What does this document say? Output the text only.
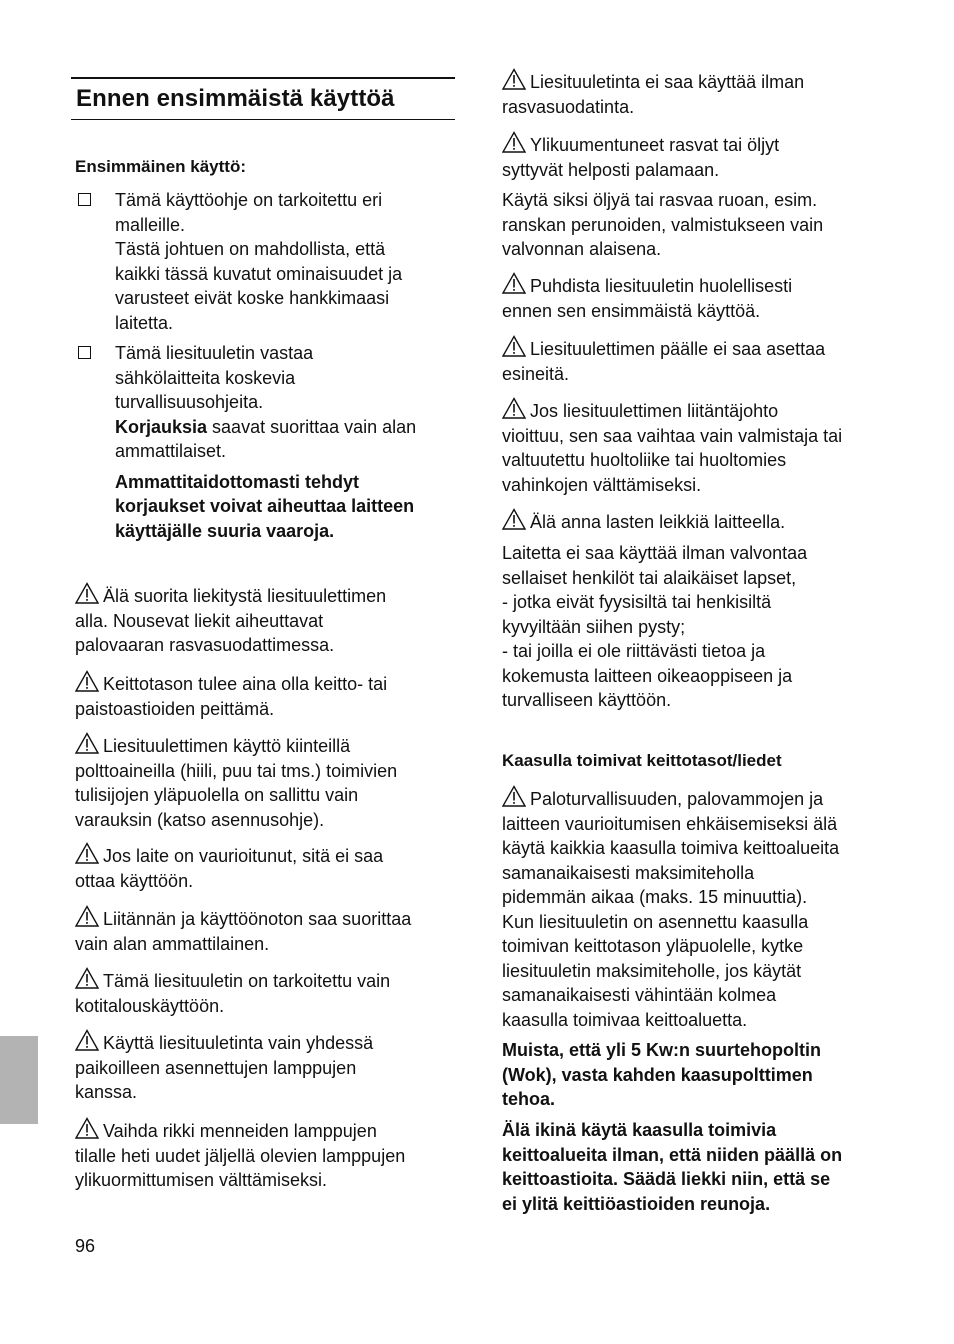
Ennen ensimmäistä käyttöä
Ensimmäinen käyttö:
Tämä käyttöohje on tarkoitettu eri
malleille.
Tästä johtuen on mahdollista, että
kaikki tässä kuvatut ominaisuudet ja
varusteet eivät koske hankkimaasi
laitetta.
Tämä liesituuletin vastaa
sähkölaitteita koskevia
turvallisuusohjeita.
Korjauksia saavat suorittaa vain alan
ammattilaiset.
Ammattitaidottomasti tehdyt
korjaukset voivat aiheuttaa laitteen
käyttäjälle suuria vaaroja.
Älä suorita liekitystä liesituulettimen
alla. Nousevat liekit aiheuttavat
palovaaran rasvasuodattimessa.
Keittotason tulee aina olla keitto- tai
paistoastioiden peittämä.
Liesituulettimen käyttö kiinteillä
polttoaineilla (hiili, puu tai tms.) toimivien
tulisijojen yläpuolella on sallittu vain
varauksin (katso asennusohje).
Jos laite on vaurioitunut, sitä ei saa
ottaa käyttöön.
Liitännän ja käyttöönoton saa suorittaa
vain alan ammattilainen.
Tämä liesituuletin on tarkoitettu vain
kotitalouskäyttöön.
Käyttä liesituuletinta vain yhdessä
paikoilleen asennettujen lamppujen
kanssa.
Vaihda rikki menneiden lamppujen
tilalle heti uudet jäljellä olevien lamppujen
ylikuormittumisen välttämiseksi.
Liesituuletinta ei saa käyttää ilman
rasvasuodatinta.
Ylikuumentuneet rasvat tai öljyt
syttyvät helposti palamaan.
Käytä siksi öljyä tai rasvaa ruoan, esim.
ranskan perunoiden, valmistukseen vain
valvonnan alaisena.
Puhdista liesituuletin huolellisesti
ennen sen ensimmäistä käyttöä.
Liesituulettimen päälle ei saa asettaa
esineitä.
Jos liesituulettimen liitäntäjohto
vioittuu, sen saa vaihtaa vain valmistaja tai
valtuutettu huoltoliike tai huoltomies
vahinkojen välttämiseksi.
Älä anna lasten leikkiä laitteella.
Laitetta ei saa käyttää ilman valvontaa
sellaiset henkilöt tai alaikäiset lapset,
- jotka eivät fyysisiltä tai henkisiltä
kyvyiltään siihen pysty;
- tai joilla ei ole riittävästi tietoa ja
kokemusta laitteen oikeaoppiseen ja
turvalliseen käyttöön.
Kaasulla toimivat keittotasot/liedet
Paloturvallisuuden, palovammojen ja
laitteen vaurioitumisen ehkäisemiseksi älä
käytä kaikkia kaasulla toimiva keittoalueita
samanaikaisesti maksimiteholla
pidemmän aikaa (maks. 15 minuuttia).
Kun liesituuletin on asennettu kaasulla
toimivan keittotason yläpuolelle, kytke
liesituuletin maksimiteholle, jos käytät
samanaikaisesti vähintään kolmea
kaasulla toimivaa keittoaluetta.
Muista, että yli 5 Kw:n suurtehopoltin
(Wok), vasta kahden kaasupolttimen
tehoa.
Älä ikinä käytä kaasulla toimivia
keittoalueita ilman, että niiden päällä on
keittoastioita. Säädä liekki niin, että se
ei ylitä keittiöastioiden reunoja.
96
